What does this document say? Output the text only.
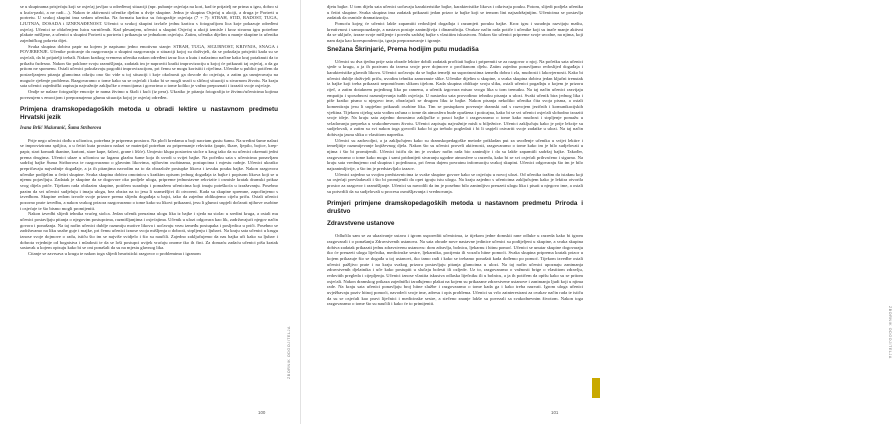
se u skupinama prisjećaju koji se osjećaj javljao u određenoj situaciji (npr. pubanje osjećaja na kori, kad te prijatelj ne prima u igru, dobro si u kuća-parki, a ne radi…). Nakon te aktivnosti učenike djelim u dvije skupine. Jedna je skupina Osjećaj u akciji, a druga je Portreti u portretu. U svakoj skupini ima sedam učenika. Na formatu kartica su fotografije osjećaja (7 + 7): STRAH, STID, RADOST, TUGA, LJUTNJA, DOSADA i IZNENAĐENOST. Učenici u svakoj skupini izvlače jednu karticu s fotografijom lica koje pokazuje određeni osjećaj. Učenici se oblačenjem lutcu varničenih. Kad plesanjem, učenici u skupini Osjećaj u akciji izmisle i kroz stvarnu igru potrebne plakate mišljene, a učenici u skupini Portreti u portretu i prikazuju se jednakom osjećaju. Zatim, učenika dijelim u manje skupine iz učenika zajedničkog pokreta dijet.

Svaka skupina dobiva papir na kojem je napisano jedno emotivno stanje: STRAH, TUGA, SIGURNOST, KRIVNJA, SNAGA i POVJERENJE. Učenike poticanje da razgovaraju o skupini razgovaraju o situaciji kojoj su doživjeli, da se pokušaju prisjetiti kada su se osjećali, da bi prijatelji trebali. Nakon kratkog vremena učenika nakon određeni izraz lica u kutu i nalazimo načine kako kraj potaknuti da to prikažu čudesno. Nakon što poklone svoju razmišljanja, zadatak im je napraviti kratki improvizaciju u kojoj će prikazati taj osjećaj, a da ga pritom ne spomenu. Ostali učenici pokušavaju pogoditi improvizacijom, pri čemu se mogu koristiti i riječima. Učenike u publici potičem da postavljanjem pitanja glumcima otkriju ono što vide u toj situaciji i koje okolnosti ga dovode do osjećaja, a zatim ga usmjeravaju na moguće rješenje problema. Razgovaramo o tome kako su se osjećali i kako bi se mogli snaći u sličnoj situaciji u stvarnom životu. Na kraju sata učenici zajednički zapisuju najvažnije zaključke o emocijama i govorimo o tome koliko je važno prepoznati i izraziti svoje osjećaje.

Ondje se nalaze fotografije emocije te nama živimo u školi i kući (iz pera). Ukratko je pitanja fotografija te živimo/učenicima kojima povezujem s emocijom i prepoznajemo glumu situacija kojoj je osjećaj određen.

Primjena dramskopedagoških metoda u obradi lektire u nastavnom predmetu Hrvatski jezik
Ivana Brlić Mažuranić, Šuma Striborova

Prije nego učenici dođu u učionicu, potrebna je priprema prostora. Na ploči kredama u boji nacrtam gustu šumu. Na sredini šume nalazi se improvizirana spiljica, a u četiri kuta prostora nalazi se materijal potreban za pripremanje rekvizita (papir, škare, ljepilo, bojice, krep-papir, stari komadi tkanine, kartoni, stare kape, šalovi, grane i lišće). Umjesto klupa postavim stolce u krug tako da su učenici okrenuti jedni prema drugima. Učenici ulaze u učionicu uz laganu glazbu šume koja ih uvodi u svijet bajke. Na početku sata s učenicima ponavljam sadržaj bajke Šuma Striborova te razgovaramo o glavnim likovima, njihovim osobinama, postupcima i mjestu radnje. Učenici ukratko prepričavaju najvažnije događaje, a ja ih pitanjima navodim na to da obrazlože postupke likova i izvuku pouku bajke. Nakon razgovora učenike podijelim u četiri skupine. Svaka skupina dobiva omotnicu s kratkim opisom jednog događaja iz bajke i popisom likova koji se u njemu pojavljuju. Zadatak je skupine da se dogovore oko podjele uloga, pripreme jednostavne rekvizite i osmisle kratak dramski prikaz svog dijela priče. Tijekom rada obilazim skupine, potičem suradnju i pomažem učenicima koji imaju poteškoća u izražavanju. Posebno pazim da svi učenici sudjeluju i imaju ulogu, bez obzira na to jesu li sramežljivi ili otvoreni. Kada su skupine spremne, započinjemo s izvedbom. Skupine redom izvode svoje prizore prema slijedu događaja u bajci, tako da zajedno oblikujemo cijelu priču. Ostali učenici pozorno prate izvedbu, a nakon svakog prizora razgovaramo o tome kako su likovi prikazani, jesu li glumci uspjeli dočarati njihove osobine i osjećaje te što bismo mogli promijeniti.

Nakon izvedbi slijedi tehnika vrućeg stolca. Jedan učenik preuzima ulogu lika iz bajke i sjeda na stolac u sredini kruga, a ostali mu učenici postavljaju pitanja o njegovim postupcima, razmišljanjima i osjećajima. Učenik u ulozi odgovara kao lik, zadržavajući njegov način govora i ponašanja. Na taj način učenici dublje razumiju motive likova i uočavaju vezu između postupaka i posljedica u priči. Posebno se zadržavamo na liku snahe guje i majke, pri čemu učenici iznose svoja mišljenja o dobroti, strpljenju i ljubavi. Na kraju sata učenici u krugu iznose svoje dojmove o radu, ističu što im se najviše svidjelo i što su naučili. Zajedno zaključujemo da nas bajka uči kako su ljubav i dobrota vrjednije od bogatstva i mladosti te da se loši postupci uvijek vraćaju onome tko ih čini. Za domaću zadaću učenici pišu kratak sastavak u kojem opisuju kako bi se oni ponašali da su na mjestu glavnog lika.

Citanje se zavrsava u krugu te nakon toga slijedi heuristicki razgovor o problemima i igranom

ZBORNIK ODGOJITELJA
100

djetu bajke. U tom dijelu sata učenici uočavaju karakteristike bajke, karakteristike likova i otkrivaju pouku. Potom, slijedi podjela učenika u četiri skupine. Svaka skupina ima zadatak prikazati jedan prizor iz bajke koji se temom lini najsadržajnijim. Učenicima se postavlja zadatak da osmisle dramatizaciju.

Pomoću kojeg će učenici lakše zapamtiti redoslijed događaja i razumjeti poruku bajke. Kroz igru i suradnju razvijaju maštu, kreativnost i samopouzdanje, a nastava postaje zanimljivija i dinamičnija. Ovakav način rada potiče i učenike koji su inače manje aktivni da se uključe, izraze svoje mišljenje i povežu sadržaj bajke s vlastitim iskustvom. Nakon što učenici pripreme svoje uvodne, na njima, koji nam daju kao korespondencija, igraju prepoznavanje i igranje.

Snežana Škrinjarić, Prema hodijim putu mudadiša

Učenici su dva tjedna prije sata obrade lektire dobili zadatak pročitati bajku i pripremiti se za razgovor o njoj. Na početku sata učenici sjede u krugu, a ja ih pozivam da iznesu svoje prve dojmove o pročitanom djelu. Zatim zajedno ponavljamo redoslijed događaja i karakteristike glavnih likova. Učenici uočavaju da se bajka temelji na suprotnostima između dobra i zla, mudrosti i lakovjernosti. Kako bi učenici dublje doživjeli priču, uvodim tehniku zamrznute slike. Učenike dijelim u skupine, a svaka skupina dobiva jedan ključni trenutak iz bajke koji treba prikazati nepomičnom slikom tijelom. Kada skupina oblikuje svoju sliku, ostali učenici pogađaju o kojem je prizoru riječ, a zatim dotaknem pojedinog lika po ramenu, a učenik izgovara misao svoga lika u tom trenutku. Na taj način učenici razvijaju empatiju i sposobnost razumijevanja tuđih osjećaja. U nastavku sata provodimo tehniku pisanja u ulozi. Svaki učenik bira jednog lika i piše kratko pismo u njegovo ime, obraćajući se drugom liku iz bajke. Nakon pisanja nekoliko učenika čita svoja pisma, a ostali komentiraju jesu li uspješno prikazali osobine lika. Tim se postupkom povezuje dramski rad s razvojem jezičnih i komunikacijskih vještina. Tijekom cijelog sata vodim računa o tome da atmosfera bude opuštena i poticajna, kako bi se svi učenici osjećali slobodno izraziti svoje ideje. Na kraju sata zajedno donosimo zaključke o pouci bajke i razgovaramo o tome kako mudrost i strpljenje pomažu u svladavanju prepreka u svakodnevnom životu. Učenici zapisuju najvažnije misli u bilježnice. Učenici zaključuju kako je prije lekcije su sudjelovali, a zatim su svi nakon toga govorili kako bi ga trebalo pogledati i bi li uspjeli ostvariti svoje zadatke u ulozi. Na taj način dobivaju jasnu sliku o vlastitom napretku.

Učenici su zadovoljni, a ja zaključujem kako su dramskopedagoške metode prikladan put za uvođenje učenika u svijet lektire i temeljitije razumijevanje književnog djela. Nakon što su učenici proveli aktivnosti, razgovaramo o tome kako im je bilo sudjelovati u njima i što bi promijenili. Učenici ističu da im je ovakav način rada bio zanimljiv i da su lakše zapamtili sadržaj bajke. Također, razgovaramo o tome kako mogu i sami pridonijeti stvaranju ugodne atmosfere u razredu, kako bi se svi osjećali prihvaćeno i sigurno. Na kraju sata vrednujemo rad skupina i pojedinaca, pri čemu dajem povratnu informaciju svakoj skupini. Učenici odgovaraju što im je bilo najzanimljivije, a što im je predstavljalo izazov.

Učenici zajedno sa svojim predstavnicima iz svake skupine govore kako se osjećaju u novoj ulozi. Od učenika tražim da istaknu koji su osjećaji prevladavali i što bi promijenili da opet igraju istu ulogu. Na kraju zajedno s učenicima zaključujem kako je lektira otvorila prostor za razgovor i razmišljanje. Učenici su navodili da im je posebno bilo zanimljivo preuzeti ulogu lika i pisati u njegovo ime, a ostali su potvrdili da su sudjelovali u procesu osmišljavanja i vrednovanja.

Primjeri primjene dramskopedagoških metoda u nastavnom predmetu Priroda i društvo
Zdravstvene ustanove

Odlučila sam se za ukazivanje ustava i igrom usporediti učenicima, iz tijekom jedne domskii rane odluke u razreda kako bi igrom razgovarali i o ponašanju Zdravstvenih ustanova. Na sata obrade nove nastavne jedinice učenici su podijeljeni u skupine, a svaka skupina dobiva zadatak prikazati jednu zdravstvenu ustanovu: dom zdravlja, bolnicu, ljekarnu i hitnu pomoć. Učenici se unutar skupine dogovaraju tko će preuzeti ulogu liječnika, medicinske sestre, ljekarnika, pacijenta ili vozača hitne pomoći. Svaka skupina priprema kratak prizor u kojem prikazuje što se događa u toj ustanovi, tko tamo radi i kako se trebamo ponašati kada dođemo po pomoć. Tijekom izvedbe ostali učenici pažljivo prate i na kraju svakog prizora postavljaju pitanja glumcima u ulozi. Na taj način učenici upoznaju zanimanja zdravstvenih djelatnika i uče kako postupiti u slučaju bolesti ili ozljede. Uz to, razgovaramo o važnosti brige o vlastitom zdravlju, redovitih pregleda i cijepljenja. Učenici iznose vlastita iskustva odlaska liječniku ili u bolnicu, a ja ih potičem da opišu kako su se pritom osjećali. Nakon dramskog prikaza zajednički izrađujemo plakat na kojem su prikazane zdravstvene ustanove i zanimanja ljudi koji u njima rade. Na kraju sata učenici ponavljaju broj hitne službe i razgovaramo o tome kada ga i kako treba nazvati. Igrom uloga učenici uvježbavaju poziv hitnoj pomoći, navodeći svoje ime, adresu i opis problema. Učenici su vrlo zainteresirani za ovakav način rada te ističu da su se osjećali kao pravi liječnici i medicinske sestre, a stečeno znanje lakše su povezali sa svakodnevnim životom. Nakon toga razgovaramo o tome što su naučili i kako će to primijeniti.

ZBORNIK ODGOJITELJA
101
